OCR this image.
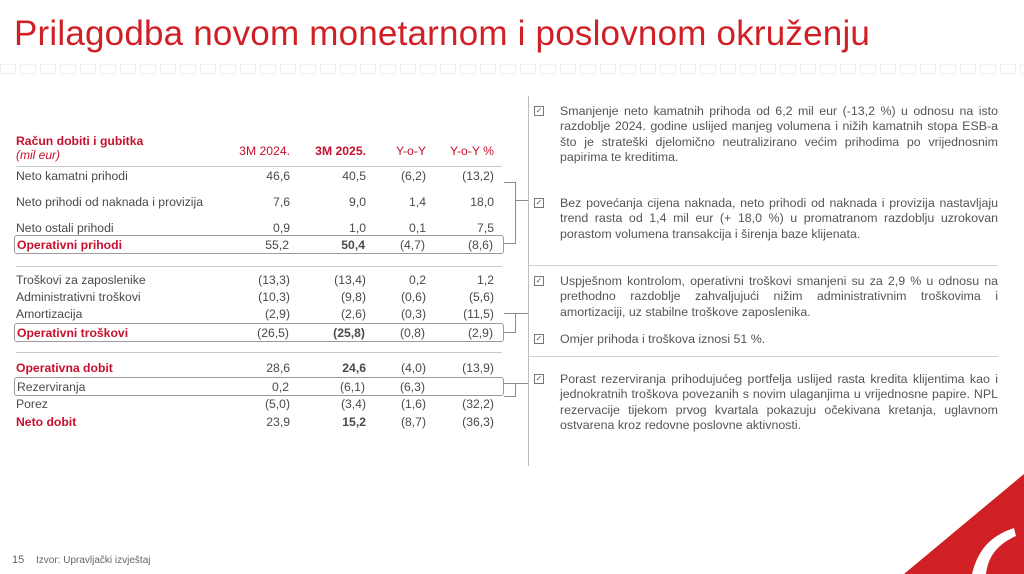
Prilagodba novom monetarnom i poslovnom okruženju
Račun dobiti i gubitka
(mil eur)	3M 2024. 3M 2025. Y-o-Y Y-o-Y %
Neto kamatni prihodi	46,6	40,5	(6,2)	(13,2)
Neto prihodi od naknada i provizija	7,6	9,0	1,4	18,0
Neto ostali prihodi	0,9	1,0	0,1	7,5
Operativni prihodi	55,2	50,4	(4,7)	(8,6)
Troškovi za zaposlenike	(13,3)	(13,4)	0,2	1,2
Administrativni troškovi	(10,3)	(9,8)	(0,6)	(5,6)
Amortizacija	(2,9)	(2,6)	(0,3)	(11,5)
Operativni troškovi	(26,5)	(25,8)	(0,8)	(2,9)
Operativna dobit	28,6	24,6	(4,0)	(13,9)
Rezerviranja	0,2	(6,1)	(6,3)
Porez	(5,0)	(3,4)	(1,6)	(32,2)
Neto dobit	23,9	15,2	(8,7)	(36,3)
✓ Smanjenje neto kamatnih prihoda od 6,2 mil eur (-13,2 %) u odnosu na isto razdoblje 2024. godine uslijed manjeg volumena i nižih kamatnih stopa ESB-a što je strateški djelomično neutralizirano većim prihodima po vrijednosnim papirima te kreditima.
✓ Bez povećanja cijena naknada, neto prihodi od naknada i provizija nastavljaju trend rasta od 1,4 mil eur (+ 18,0 %) u promatranom razdoblju uzrokovan porastom volumena transakcija i širenja baze klijenata.
✓ Uspješnom kontrolom, operativni troškovi smanjeni su za 2,9 % u odnosu na prethodno razdoblje zahvaljujući nižim administrativnim troškovima i amortizaciji, uz stabilne troškove zaposlenika.
✓ Omjer prihoda i troškova iznosi 51 %.
✓ Porast rezerviranja prihodujućeg portfelja uslijed rasta kredita klijentima kao i jednokratnih troškova povezanih s novim ulaganjima u vrijednosne papire. NPL rezervacije tijekom prvog kvartala pokazuju očekivana kretanja, uglavnom ostvarena kroz redovne poslovne aktivnosti.
15 Izvor: Upravljački izvještaj
